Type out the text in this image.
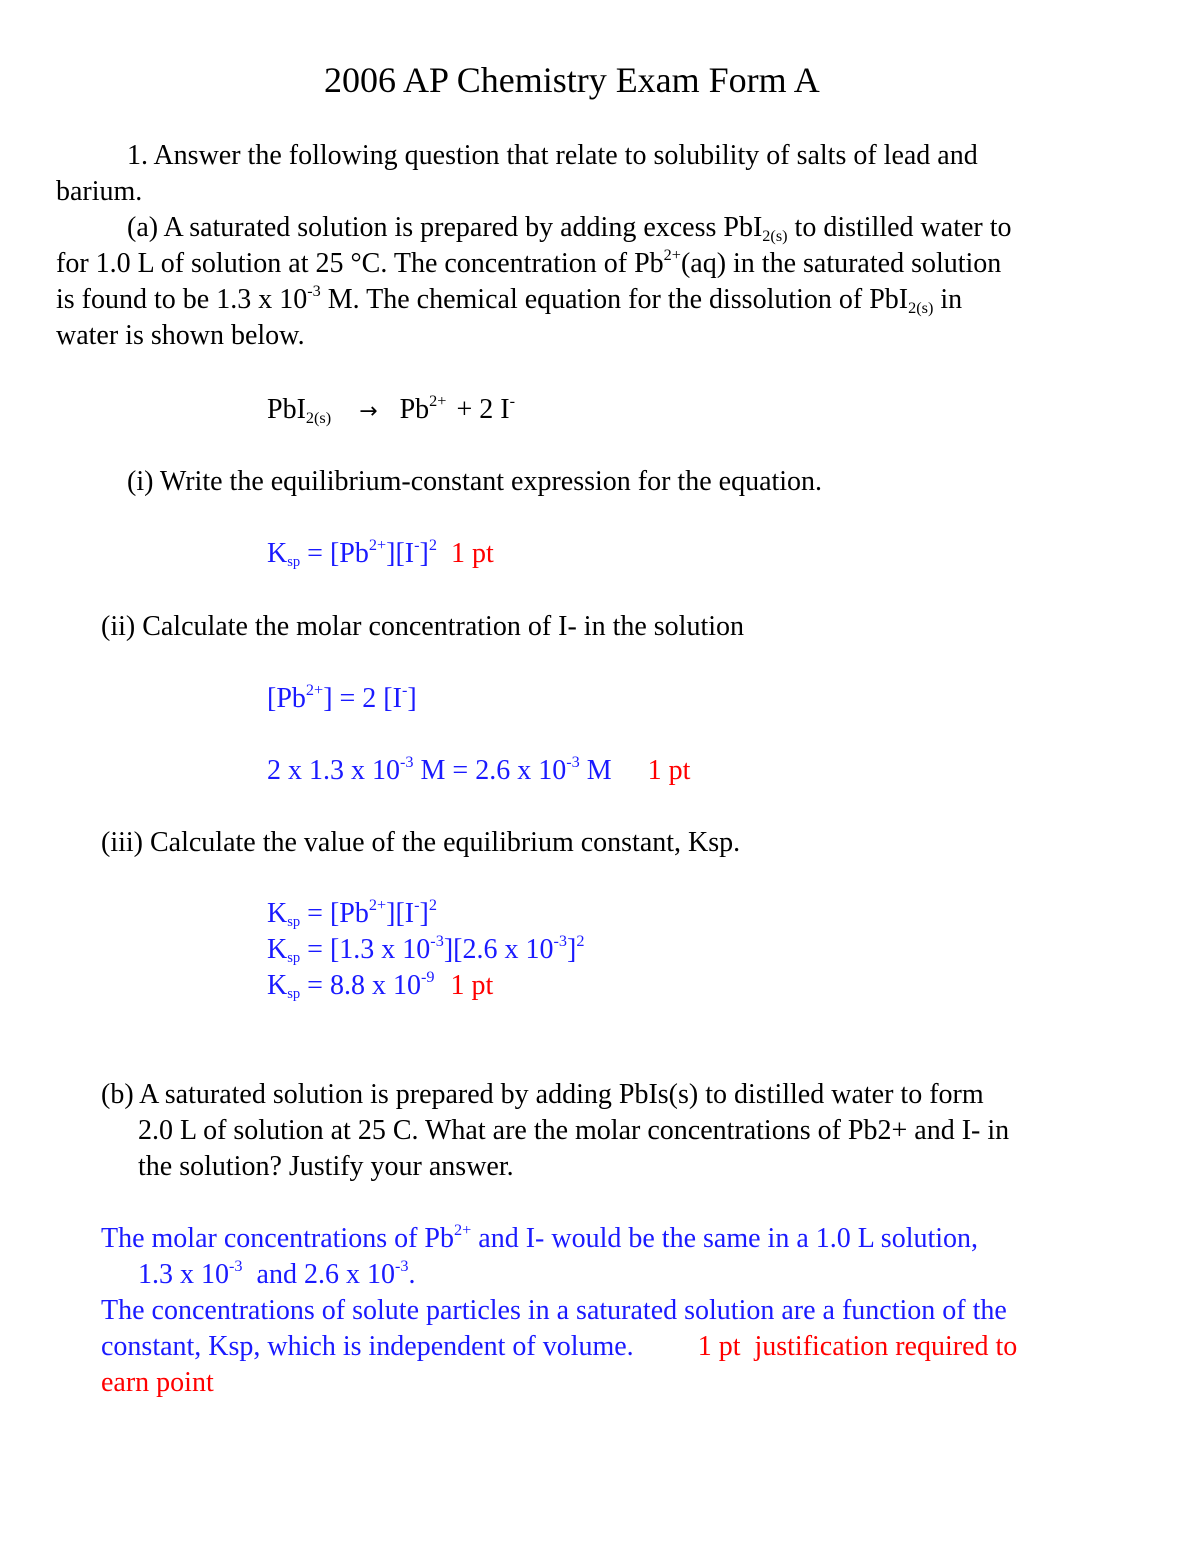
2006 AP Chemistry Exam Form A
1. Answer the following question that relate to solubility of salts of lead and
barium.
(a) A saturated solution is prepared by adding excess PbI$_{2(s)}$ to distilled water to
for 1.0 L of solution at 25 °C. The concentration of $Pb^{2+}(aq)$ in the saturated solution
is found to be 1.3 x $10^{-3}$ M. The chemical equation for the dissolution of PbI$_{2(s)}$ in
water is shown below.
$PbI_{2(s)} \to Pb^{2+} + 2$ I-
(i) Write the equilibrium-constant expression for the equation.
Ksp = $[Pb^{2+}][I^-]^2$ 1 pt
(ii) Calculate the molar concentration of I- in the solution
$[Pb^{2+}] = 2$ [I-]
2 x 1.3 x $10^{-3}$ M = 2.6 x $10^{-3}$ M 1 pt
(iii) Calculate the value of the equilibrium constant, Ksp.
Ksp = $[Pb^{2+}][I^-]^2$
Ksp = [1.3 x $10^{-3}][2.6$ x $10^{-3}]^2$
Ksp = 8.8 x $10^{-9}$ 1 pt
(b) A saturated solution is prepared by adding PbIs(s) to distilled water to form
2.0 L of solution at 25 C. What are the molar concentrations of Pb2+ and I- in
the solution? Justify your answer.
The molar concentrations of $Pb^{2+}$ and I- would be the same in a 1.0 L solution,
1.3 x $10^{-3}$  and 2.6 x $10^{-3}$.
The concentrations of solute particles in a saturated solution are a function of the
constant, Ksp, which is independent of volume. 1 pt  justification required to
earn point
